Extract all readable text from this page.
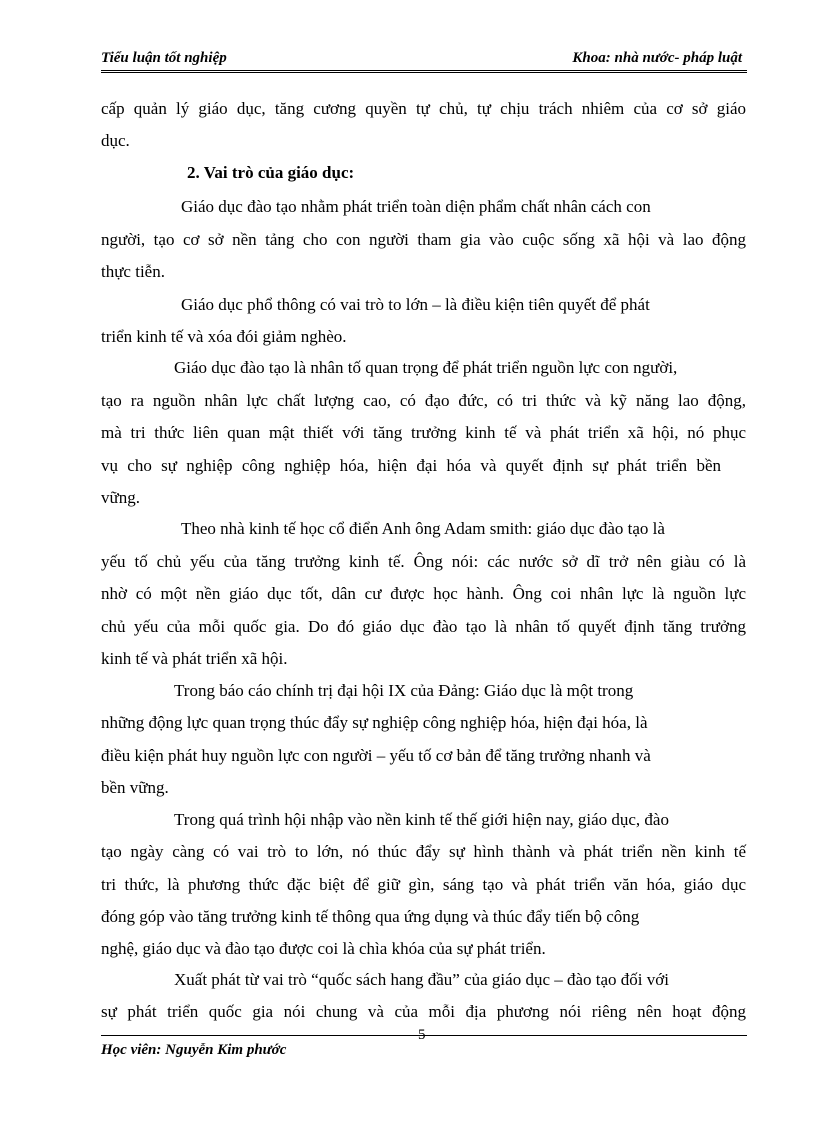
Tiểu luận tốt nghiệp	Khoa: nhà nước- pháp luật
cấp quản lý giáo dục, tăng cương quyền tự chủ, tự chịu trách nhiêm của cơ sở giáo
dục.
2. Vai trò của giáo dục:
Giáo dục đào tạo nhằm phát triển toàn diện phẩm chất nhân cách con
người, tạo cơ sở nền tảng cho con người tham gia vào cuộc sống xã hội và lao động
thực tiễn.
Giáo dục phổ thông có vai trò to lớn – là điều kiện tiên quyết để phát
triển kinh tế và xóa đói giảm nghèo.
Giáo dục đào tạo là nhân tố quan trọng để phát triển nguồn lực con người,
tạo ra nguồn nhân lực chất lượng cao, có đạo đức, có tri thức và kỹ năng lao động,
mà tri thức liên quan mật thiết với tăng trưởng kinh tế và phát triển xã hội, nó phục
vụ cho sự nghiệp công nghiệp hóa, hiện đại hóa và quyết định sự phát triển bền
vững.
Theo nhà kinh tế học cổ điển Anh ông Adam smith: giáo dục đào tạo là
yếu tố chủ yếu của tăng trưởng kinh tế. Ông nói: các nước sở dĩ trở nên giàu có là
nhờ có một nền giáo dục tốt, dân cư được học hành. Ông coi nhân lực là nguồn lực
chủ yếu của mỗi quốc gia. Do đó giáo dục đào tạo là nhân tố quyết định tăng trưởng
kinh tế và phát triển xã hội.
Trong báo cáo chính trị đại hội IX của Đảng: Giáo dục là một trong
những động lực quan trọng thúc đẩy sự nghiệp công nghiệp hóa, hiện đại hóa, là
điều kiện phát huy nguồn lực con người – yếu tố cơ bản để tăng trưởng nhanh và
bền vững.
Trong quá trình hội nhập vào nền kinh tế thế giới hiện nay, giáo dục, đào
tạo ngày càng có vai trò to lớn, nó thúc đẩy sự hình thành và phát triển nền kinh tế
tri thức, là phương thức đặc biệt để giữ gìn, sáng tạo và phát triển văn hóa, giáo dục
đóng góp vào tăng trưởng kinh tế thông qua ứng dụng và thúc đẩy tiến bộ công
nghệ, giáo dục và đào tạo được coi là chìa khóa của sự phát triển.
Xuất phát từ vai trò “quốc sách hang đầu” của giáo dục – đào tạo đối với
sự phát triển quốc gia nói chung và của mỗi địa phương nói riêng nên hoạt động
5
Học viên: Nguyễn Kim phước
